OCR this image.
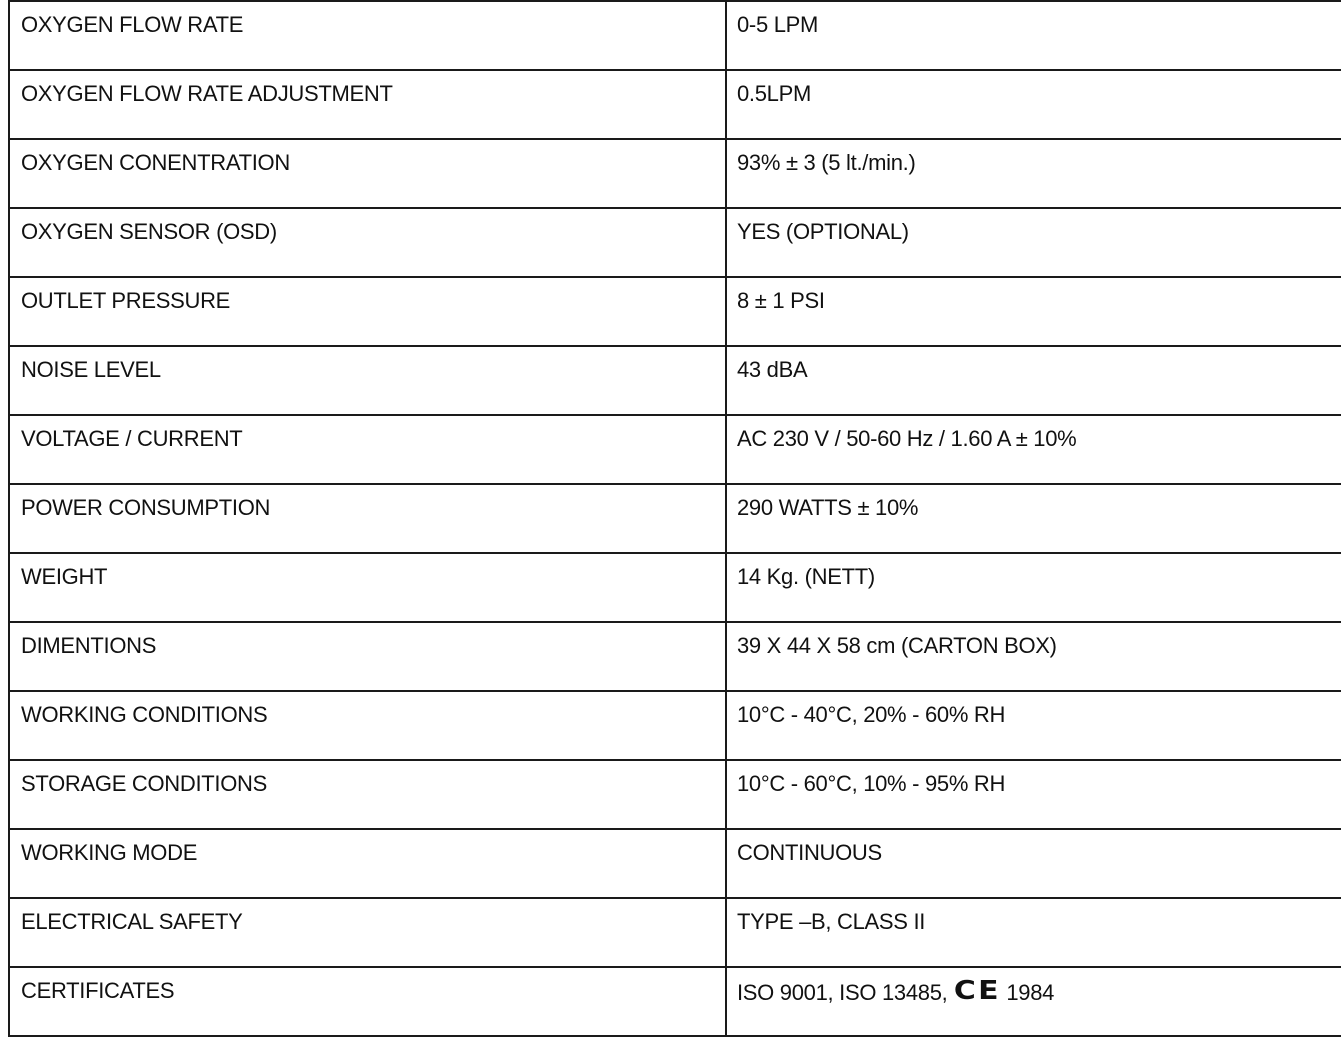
OXYGEN FLOW RATE	0-5 LPM
OXYGEN FLOW RATE ADJUSTMENT	0.5LPM
OXYGEN CONENTRATION	93% ± 3 (5 lt./min.)
OXYGEN SENSOR (OSD)	YES (OPTIONAL)
OUTLET PRESSURE	8 ± 1 PSI
NOISE LEVEL	43 dBA
VOLTAGE / CURRENT	AC 230 V / 50-60 Hz / 1.60 A ± 10%
POWER CONSUMPTION	290 WATTS ± 10%
WEIGHT	14 Kg. (NETT)
DIMENTIONS	39 X 44 X 58 cm (CARTON BOX)
WORKING CONDITIONS	10°C - 40°C, 20% - 60% RH
STORAGE CONDITIONS	10°C - 60°C, 10% - 95% RH
WORKING MODE	CONTINUOUS
ELECTRICAL SAFETY	TYPE –B, CLASS II
CERTIFICATES	ISO 9001, ISO 13485, CE 1984
